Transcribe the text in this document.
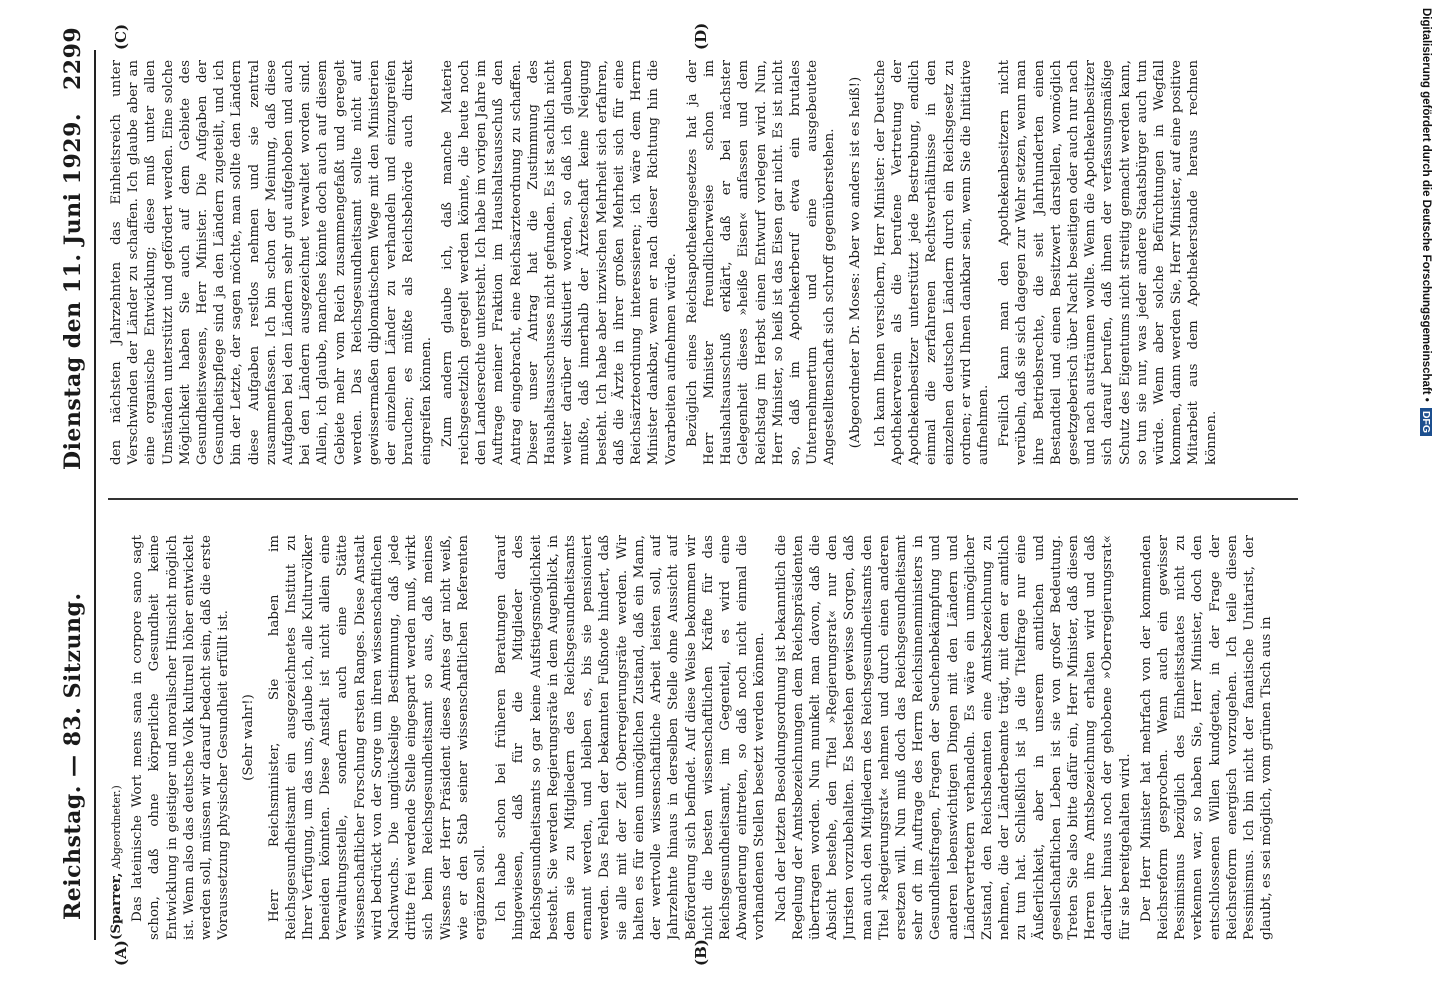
Reichstag. — 83. Sitzung.
Dienstag den 11. Juni 1929.
2299
(A)	(B)
(C)	(D)

(Sparrer, Abgeordneter.) Das lateinische Wort mens sana in corpore sano sagt schon, daß ohne körperliche Gesundheit keine Entwicklung in geistiger und moralischer Hinsicht möglich ist. Wenn also das deutsche Volk kulturell höher entwickelt werden soll, müssen wir darauf bedacht sein, daß die erste Voraussetzung physischer Gesundheit erfüllt ist. (Sehr wahr!) Herr Reichsminister, Sie haben im Reichsgesundheitsamt ein ausgezeichnetes Institut zu Ihrer Verfügung, um das uns, glaube ich, alle Kulturvölker beneiden könnten. Diese Anstalt ist nicht allein eine Verwaltungsstelle, sondern auch eine Stätte wissenschaftlicher Forschung ersten Ranges. Diese Anstalt wird bedrückt von der Sorge um ihren wissenschaftlichen Nachwuchs. Die unglückselige Bestimmung, daß jede dritte frei werdende Stelle eingespart werden muß, wirkt sich beim Reichsgesundheitsamt so aus, daß meines Wissens der Herr Präsident dieses Amtes gar nicht weiß, wie er den Stab seiner wissenschaftlichen Referenten ergänzen soll. Ich habe schon bei früheren Beratungen darauf hingewiesen, daß für die Mitglieder des Reichsgesundheitsamts so gar keine Aufstiegsmöglichkeit besteht. Sie werden Regierungsräte in dem Augenblick, in dem sie zu Mitgliedern des Reichsgesundheitsamts ernannt werden, und bleiben es, bis sie pensioniert werden. Das Fehlen der bekannten Fußnote hindert, daß sie alle mit der Zeit Oberregierungsräte werden. Wir halten es für einen unmöglichen Zustand, daß ein Mann, der wertvolle wissenschaftliche Arbeit leisten soll, auf Jahrzehnte hinaus in derselben Stelle ohne Aussicht auf Beförderung sich befindet. Auf diese Weise bekommen wir nicht die besten wissenschaftlichen Kräfte für das Reichsgesundheitsamt, im Gegenteil, es wird eine Abwanderung eintreten, so daß noch nicht einmal die vorhandenen Stellen besetzt werden können. Nach der letzten Besoldungsordnung ist bekanntlich die Regelung der Amtsbezeichnungen dem Reichspräsidenten übertragen worden. Nun munkelt man davon, daß die Absicht bestehe, den Titel »Regierungsrat« nur den Juristen vorzubehalten. Es bestehen gewisse Sorgen, daß man auch den Mitgliedern des Reichsgesundheitsamts den Titel »Regierungsrat« nehmen und durch einen anderen ersetzen will. Nun muß doch das Reichsgesundheitsamt sehr oft im Auftrage des Herrn Reichsinnenministers in Gesundheitsfragen, Fragen der Seuchenbekämpfung und anderen lebenswichtigen Dingen mit den Ländern und Ländervertretern verhandeln. Es wäre ein unmöglicher Zustand, den Reichsbeamten eine Amtsbezeichnung zu nehmen, die der Länderbeamte trägt, mit dem er amtlich zu tun hat. Schließlich ist ja die Titelfrage nur eine Äußerlichkeit, aber in unserem amtlichen und gesellschaftlichen Leben ist sie von großer Bedeutung. Treten Sie also bitte dafür ein, Herr Minister, daß diesen Herren ihre Amtsbezeichnung erhalten wird und daß darüber hinaus noch der gehobene »Oberregierungsrat« für sie bereitgehalten wird. Der Herr Minister hat mehrfach von der kommenden Reichsreform gesprochen. Wenn auch ein gewisser Pessimismus bezüglich des Einheitsstaates nicht zu verkennen war, so haben Sie, Herr Minister, doch den entschlossenen Willen kundgetan, in der Frage der Reichsreform energisch vorzugehen. Ich teile diesen Pessimismus. Ich bin nicht der fanatische Unitarist, der glaubt, es sei möglich, vom grünen Tisch aus in

den nächsten Jahrzehnten das Einheitsreich unter Verschwinden der Länder zu schaffen. Ich glaube aber an eine organische Entwicklung; diese muß unter allen Umständen unterstützt und gefördert werden. Eine solche Möglichkeit haben Sie auch auf dem Gebiete des Gesundheitswesens, Herr Minister. Die Aufgaben der Gesundheitspflege sind ja den Ländern zugeteilt, und ich bin der Letzte, der sagen möchte, man sollte den Ländern diese Aufgaben restlos nehmen und sie zentral zusammenfassen. Ich bin schon der Meinung, daß diese Aufgaben bei den Ländern sehr gut aufgehoben und auch bei den Ländern ausgezeichnet verwaltet worden sind. Allein, ich glaube, manches könnte doch auch auf diesem Gebiete mehr vom Reich zusammengefaßt und geregelt werden. Das Reichsgesundheitsamt sollte nicht auf gewissermaßen diplomatischem Wege mit den Ministerien der einzelnen Länder zu verhandeln und einzugreifen brauchen; es müßte als Reichsbehörde auch direkt eingreifen können. Zum andern glaube ich, daß manche Materie reichsgesetzlich geregelt werden könnte, die heute noch den Landesrechte untersteht. Ich habe im vorigen Jahre im Auftrage meiner Fraktion im Haushaltsausschuß den Antrag eingebracht, eine Reichsärzteordnung zu schaffen. Dieser unser Antrag hat die Zustimmung des Haushaltsausschusses nicht gefunden. Es ist sachlich nicht weiter darüber diskutiert worden, so daß ich glauben mußte, daß innerhalb der Ärzteschaft keine Neigung besteht. Ich habe aber inzwischen Mehrheit sich erfahren, daß die Ärzte in ihrer großen Mehrheit sich für eine Reichsärzteordnung interessieren; ich wäre dem Herrn Minister dankbar, wenn er nach dieser Richtung hin die Vorarbeiten aufnehmen würde. Bezüglich eines Reichsapothekengesetzes hat ja der Herr Minister freundlicherweise schon im Haushaltsausschuß erklärt, daß er bei nächster Gelegenheit dieses »heiße Eisen« anfassen und dem Reichstag im Herbst einen Entwurf vorlegen wird. Nun, Herr Minister, so heiß ist das Eisen gar nicht. Es ist nicht so, daß im Apothekerberuf etwa ein brutales Unternehmertum und eine ausgebeutete Angestelltenschaft sich schroff gegenüberstehen. (Abgeordneter Dr. Moses: Aber wo anders ist es heiß!) Ich kann Ihnen versichern, Herr Minister: der Deutsche Apothekerverein als die berufene Vertretung der Apothekenbesitzer unterstützt jede Bestrebung, endlich einmal die zerfahrenen Rechtsverhältnisse in den einzelnen deutschen Ländern durch ein Reichsgesetz zu ordnen; er wird Ihnen dankbar sein, wenn Sie die Initiative aufnehmen. Freilich kann man den Apothekenbesitzern nicht verübeln, daß sie sich dagegen zur Wehr setzen, wenn man ihre Betriebsrechte, die seit Jahrhunderten einen Bestandteil und einen Besitzwert darstellen, womöglich gesetzgeberisch über Nacht beseitigen oder auch nur nach und nach austräumen wollte. Wenn die Apothekenbesitzer sich darauf berufen, daß ihnen der verfassungsmäßige Schutz des Eigentums nicht streitig gemacht werden kann, so tun sie nur, was jeder andere Staatsbürger auch tun würde. Wenn aber solche Befürchtungen in Wegfall kommen, dann werden Sie, Herr Minister, auf eine positive Mitarbeit aus dem Apothekerstande heraus rechnen können.

Digitalisierung gefördert durch die Deutsche Forschungsgemeinschaft •DFG
